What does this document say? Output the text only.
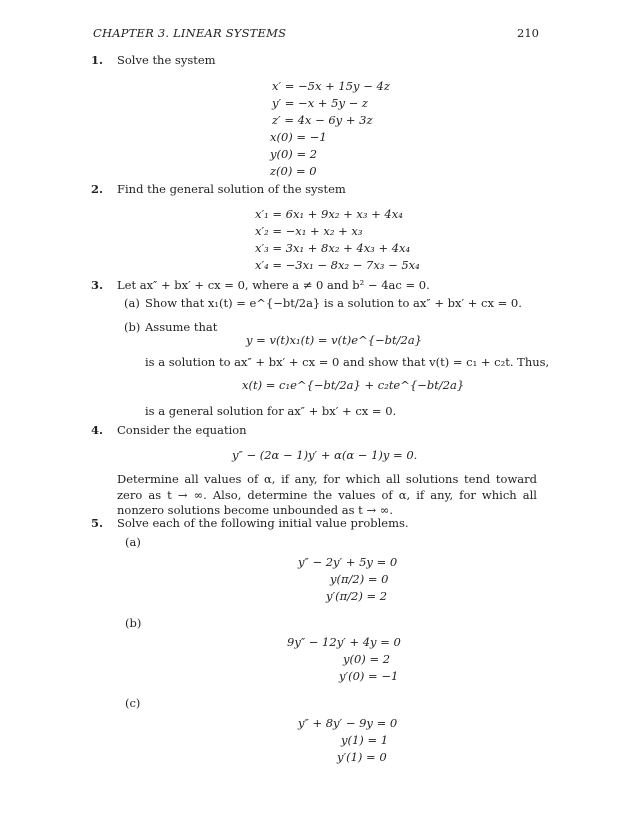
CHAPTER 3. LINEAR SYSTEMS	210
1. Solve the system
x′ = −5x + 15y − 4z
y′ = −x + 5y − z
z′ = 4x − 6y + 3z
x(0) = −1
y(0) = 2
z(0) = 0
2. Find the general solution of the system
x′₁ = 6x₁ + 9x₂ + x₃ + 4x₄
x′₂ = −x₁ + x₂ + x₃
x′₃ = 3x₁ + 8x₂ + 4x₃ + 4x₄
x′₄ = −3x₁ − 8x₂ − 7x₃ − 5x₄
3. Let ax″ + bx′ + cx = 0, where a ≠ 0 and b² − 4ac = 0.
(a) Show that x₁(t) = e^{−bt/2a} is a solution to ax″ + bx′ + cx = 0.
(b) Assume that
y = v(t)x₁(t) = v(t)e^{−bt/2a}
is a solution to ax″ + bx′ + cx = 0 and show that v(t) = c₁ + c₂t. Thus,
x(t) = c₁e^{−bt/2a} + c₂te^{−bt/2a}
is a general solution for ax″ + bx′ + cx = 0.
4. Consider the equation
y″ − (2α − 1)y′ + α(α − 1)y = 0.
Determine all values of α, if any, for which all solutions tend toward zero as t → ∞. Also, determine the values of α, if any, for which all nonzero solutions become unbounded as t → ∞.
5. Solve each of the following initial value problems.
(a)
y″ − 2y′ + 5y = 0
y(π/2) = 0
y′(π/2) = 2
(b)
9y″ − 12y′ + 4y = 0
y(0) = 2
y′(0) = −1
(c)
y″ + 8y′ − 9y = 0
y(1) = 1
y′(1) = 0
